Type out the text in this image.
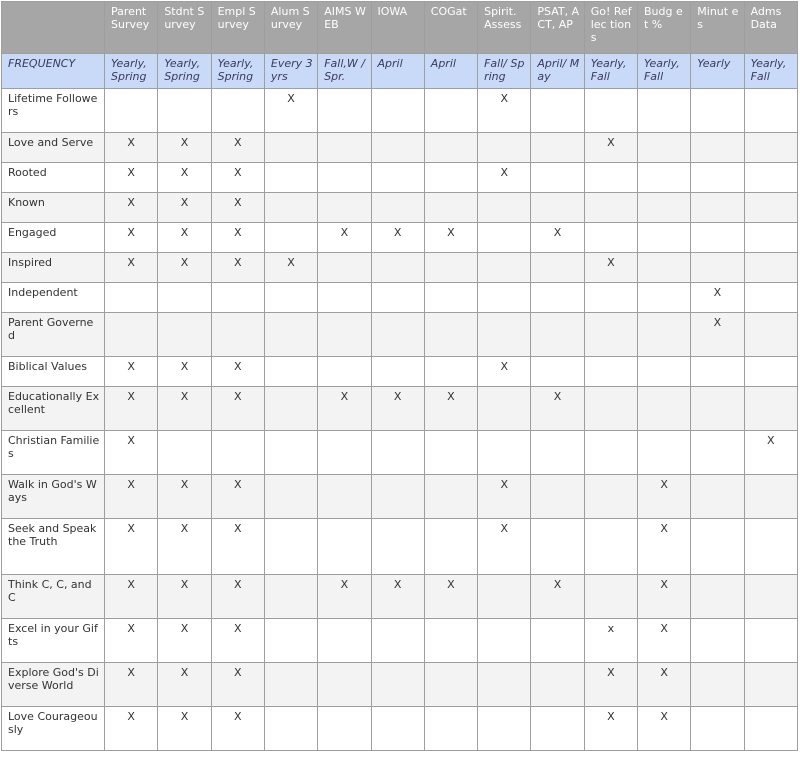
	Parent Survey	Stdnt Survey	Empl Survey	Alum Survey	AIMS WEB	IOWA	COGat	Spirit. Assess	PSAT, ACT, AP	Go! Reflec tions	Budg et %	Minut es	Adms Data
FREQUENCY	Yearly, Spring	Yearly, Spring	Yearly, Spring	Every 3 yrs	Fall,W /Spr.	April	April	Fall/ Spring	April/ May	Yearly, Fall	Yearly, Fall	Yearly	Yearly, Fall
Lifetime Followers				X				X					
Love and Serve	X	X	X							X			
Rooted	X	X	X					X					
Known	X	X	X										
Engaged	X	X	X		X	X	X		X				
Inspired	X	X	X	X						X			
Independent												X	
Parent Governed												X	
Biblical Values	X	X	X					X					
Educationally Excellent	X	X	X		X	X	X		X				
Christian Families	X												X
Walk in God's Ways	X	X	X					X			X		
Seek and Speak the Truth	X	X	X					X			X		
Think C, C, and C	X	X	X		X	X	X		X		X		
Excel in your Gifts	X	X	X							x	X		
Explore God's Diverse World	X	X	X							X	X		
Love Courageously	X	X	X							X	X		
